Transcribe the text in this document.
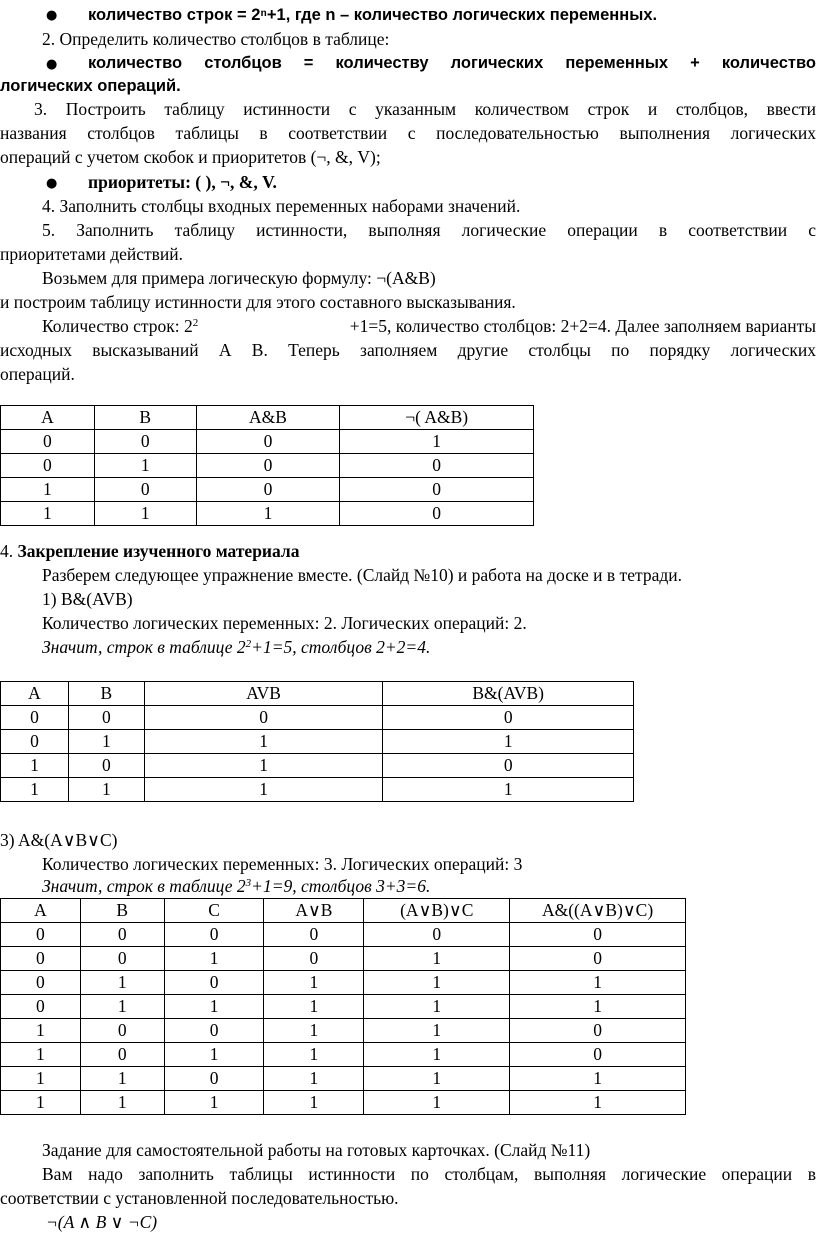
● количество строк = 2ⁿ+1, где n – количество логических переменных.
2. Определить количество столбцов в таблице:
● количество столбцов = количеству логических переменных + количество
логических операций.
3. Построить таблицу истинности с указанным количеством строк и столбцов, ввести
названия столбцов таблицы в соответствии с последовательностью выполнения логических
операций с учетом скобок и приоритетов (¬, &, V);
● приоритеты: ( ), ¬, &, V.
4. Заполнить столбцы входных переменных наборами значений.
5. Заполнить таблицу истинности, выполняя логические операции в соответствии с
приоритетами действий.
Возьмем для примера логическую формулу: ¬(A&B)
и построим таблицу истинности для этого составного высказывания.
Количество строк: $2^2$	+1=5, количество столбцов: 2+2=4. Далее заполняем варианты
исходных высказываний А В. Теперь заполняем другие столбцы по порядку логических
операций.
A	B	A&B	¬( A&B)
0	0	0	1
0	1	0	0
1	0	0	0
1	1	1	0
4. Закрепление изученного материала
Разберем следующее упражнение вместе. (Слайд №10) и работа на доске и в тетради.
1) B&(AVB)
Количество логических переменных: 2. Логических операций: 2.
Значит, строк в таблице $2^2+1=5$, столбцов 2+2=4.
A	B	AVB	B&(AVB)
0	0	0	0
0	1	1	1
1	0	1	0
1	1	1	1
3) A&(A∨B∨C)
Количество логических переменных: 3. Логических операций: 3
Значит, строк в таблице $2^3+1=9$, столбцов 3+3=6.
A	B	C	A∨B	(A∨B)∨C	A&((A∨B)∨C)
0	0	0	0	0	0
0	0	1	0	1	0
0	1	0	1	1	1
0	1	1	1	1	1
1	0	0	1	1	0
1	0	1	1	1	0
1	1	0	1	1	1
1	1	1	1	1	1
Задание для самостоятельной работы на готовых карточках. (Слайд №11)
Вам надо заполнить таблицы истинности по столбцам, выполняя логические операции в
соответствии с установленной последовательностью.
¬(A ∧ B ∨ ¬C)
